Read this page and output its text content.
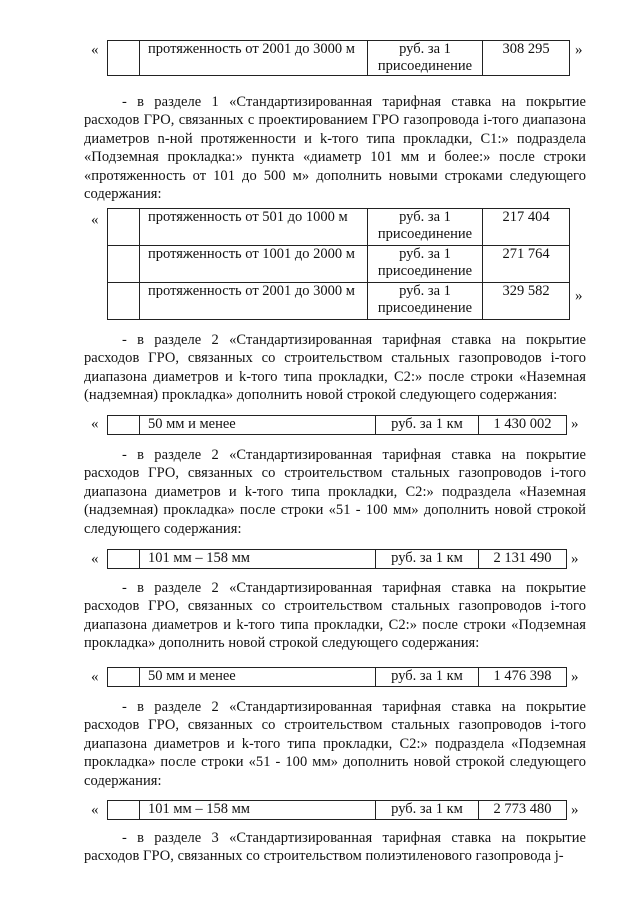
«
		протяженность от 2001 до 3000 м	руб. за 1 присоединение	308 295 »

- в разделе 1 «Стандартизированная тарифная ставка на покрытие расходов ГРО, связанных с проектированием ГРО газопровода i-того диапазона диаметров n-ной протяженности и k-того типа прокладки, C1:» подраздела «Подземная прокладка:» пункта «диаметр 101 мм и более:» после строки «протяженность от 101 до 500 м» дополнить новыми строками следующего содержания:

«
		протяженность от 501 до 1000 м	руб. за 1 присоединение	217 404
	протяженность от 1001 до 2000 м	руб. за 1 присоединение	271 764
	протяженность от 2001 до 3000 м	руб. за 1 присоединение	329 582 »

- в разделе 2 «Стандартизированная тарифная ставка на покрытие расходов ГРО, связанных со строительством стальных газопроводов i-того диапазона диаметров и k-того типа прокладки, C2:» после строки «Наземная (надземная) прокладка» дополнить новой строкой следующего содержания:

«
		50 мм и менее	руб. за 1 км	1 430 002 »

- в разделе 2 «Стандартизированная тарифная ставка на покрытие расходов ГРО, связанных со строительством стальных газопроводов i-того диапазона диаметров и k-того типа прокладки, C2:» подраздела «Наземная (надземная) прокладка» после строки «51 - 100 мм» дополнить новой строкой следующего содержания:

«
		101 мм – 158 мм	руб. за 1 км	2 131 490 »

- в разделе 2 «Стандартизированная тарифная ставка на покрытие расходов ГРО, связанных со строительством стальных газопроводов i-того диапазона диаметров и k-того типа прокладки, C2:» после строки «Подземная прокладка» дополнить новой строкой следующего содержания:

«
		50 мм и менее	руб. за 1 км	1 476 398 »

- в разделе 2 «Стандартизированная тарифная ставка на покрытие расходов ГРО, связанных со строительством стальных газопроводов i-того диапазона диаметров и k-того типа прокладки, C2:» подраздела «Подземная прокладка» после строки «51 - 100 мм» дополнить новой строкой следующего содержания:

«
		101 мм – 158 мм	руб. за 1 км	2 773 480 »

- в разделе 3 «Стандартизированная тарифная ставка на покрытие расходов ГРО, связанных со строительством полиэтиленового газопровода j-
